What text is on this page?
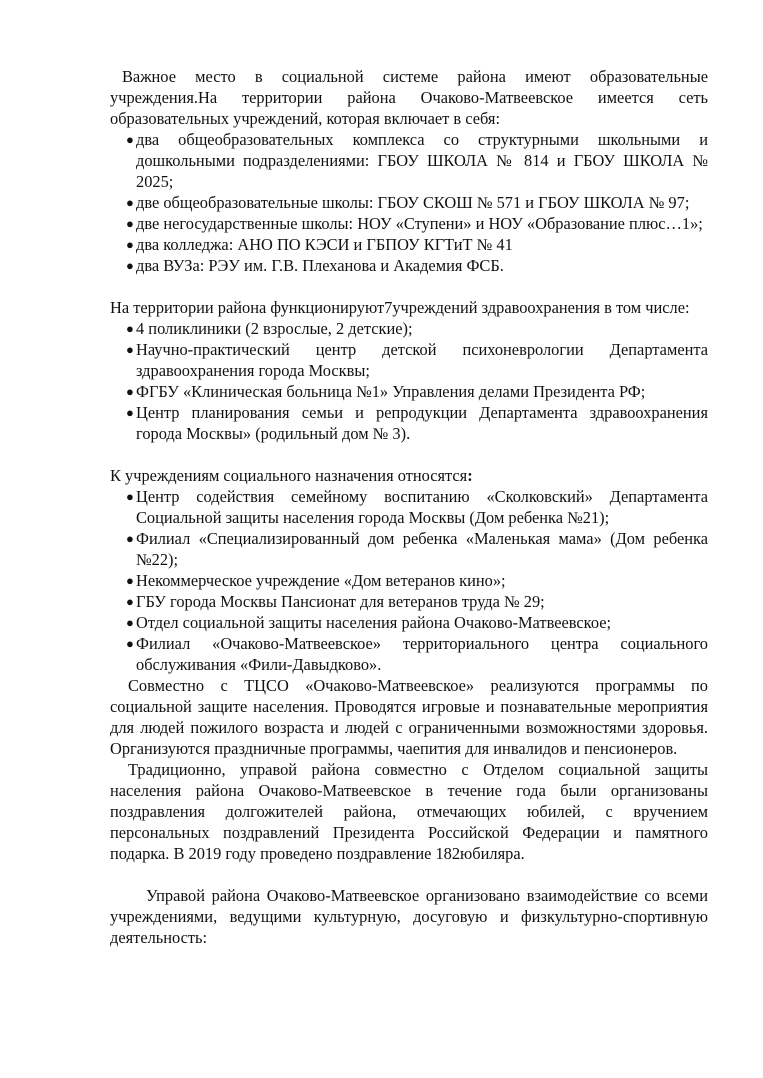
Важное место в социальной системе района имеют образовательные учреждения.На территории района Очаково-Матвеевское имеется сеть образовательных учреждений, которая включает в себя:

● два общеобразовательных комплекса со структурными школьными и дошкольными подразделениями: ГБОУ ШКОЛА № 814 и ГБОУ ШКОЛА № 2025;
● две общеобразовательные школы: ГБОУ СКОШ № 571 и ГБОУ ШКОЛА № 97;
● две негосударственные школы: НОУ «Ступени» и НОУ «Образование плюс…1»;
● два колледжа: АНО ПО КЭСИ и ГБПОУ КГТиТ № 41
● два ВУЗа: РЭУ им. Г.В. Плеханова и Академия ФСБ.

На территории района функционируют7учреждений здравоохранения в том числе:

● 4 поликлиники (2 взрослые, 2 детские);
● Научно-практический центр детской психоневрологии Департамента здравоохранения города Москвы;
● ФГБУ «Клиническая больница №1» Управления делами Президента РФ;
● Центр планирования семьи и репродукции Департамента здравоохранения города Москвы» (родильный дом № 3).

К учреждениям социального назначения относятся:

● Центр содействия семейному воспитанию «Сколковский» Департамента Социальной защиты населения города Москвы (Дом ребенка №21);
● Филиал «Специализированный дом ребенка «Маленькая мама» (Дом ребенка №22);
● Некоммерческое учреждение «Дом ветеранов кино»;
● ГБУ города Москвы Пансионат для ветеранов труда № 29;
● Отдел социальной защиты населения района Очаково-Матвеевское;
● Филиал «Очаково-Матвеевское» территориального центра социального обслуживания «Фили-Давыдково».

Совместно с ТЦСО «Очаково-Матвеевское» реализуются программы по социальной защите населения. Проводятся игровые и познавательные мероприятия для людей пожилого возраста и людей с ограниченными возможностями здоровья. Организуются праздничные программы, чаепития для инвалидов и пенсионеров.

Традиционно, управой района совместно с Отделом социальной защиты населения района Очаково-Матвеевское в течение года были организованы поздравления долгожителей района, отмечающих юбилей, с вручением персональных поздравлений Президента Российской Федерации и памятного подарка. В 2019 году проведено поздравление 182юбиляра.

Управой района Очаково-Матвеевское организовано взаимодействие со всеми учреждениями, ведущими культурную, досуговую и физкультурно-спортивную деятельность:
